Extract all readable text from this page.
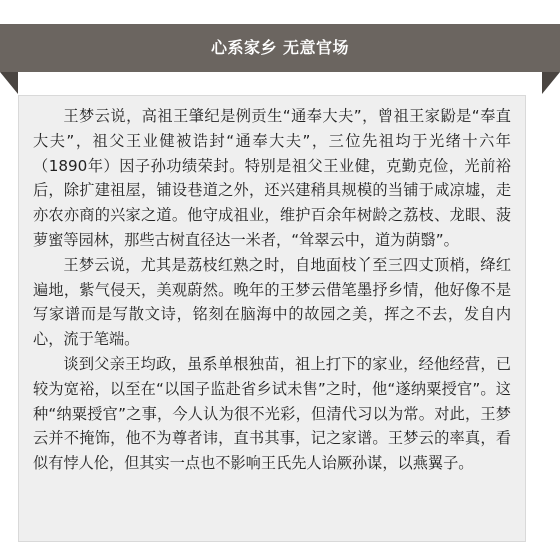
心系家乡 无意官场

王梦云说，高祖王肇纪是例贡生“通奉大夫”，曾祖王家鼢是“奉直大夫”，祖父王业健被诰封“通奉大夫”，三位先祖均于光绪十六年（1890年）因子孙功绩荣封。特别是祖父王业健，克勤克俭，光前裕后，除扩建祖屋，铺设巷道之外，还兴建稍具规模的当铺于咸凉墟，走亦农亦商的兴家之道。他守成祖业，维护百余年树龄之荔枝、龙眼、菠萝蜜等园林，那些古树直径达一米者，“耸翠云中，道为荫翳”。

王梦云说，尤其是荔枝红熟之时，自地面枝丫至三四丈顶梢，绛红遍地，紫气侵天，美观蔚然。晚年的王梦云借笔墨抒乡情，他好像不是写家谱而是写散文诗，铭刻在脑海中的故园之美，挥之不去，发自内心，流于笔端。

谈到父亲王均政，虽系单根独苗，祖上打下的家业，经他经营，已较为宽裕，以至在“以国子监赴省乡试未售”之时，他“遂纳粟授官”。这种“纳粟授官”之事，今人认为很不光彩，但清代习以为常。对此，王梦云并不掩饰，他不为尊者讳，直书其事，记之家谱。王梦云的率真，看似有悖人伦，但其实一点也不影响王氏先人诒厥孙谋，以燕翼子。
